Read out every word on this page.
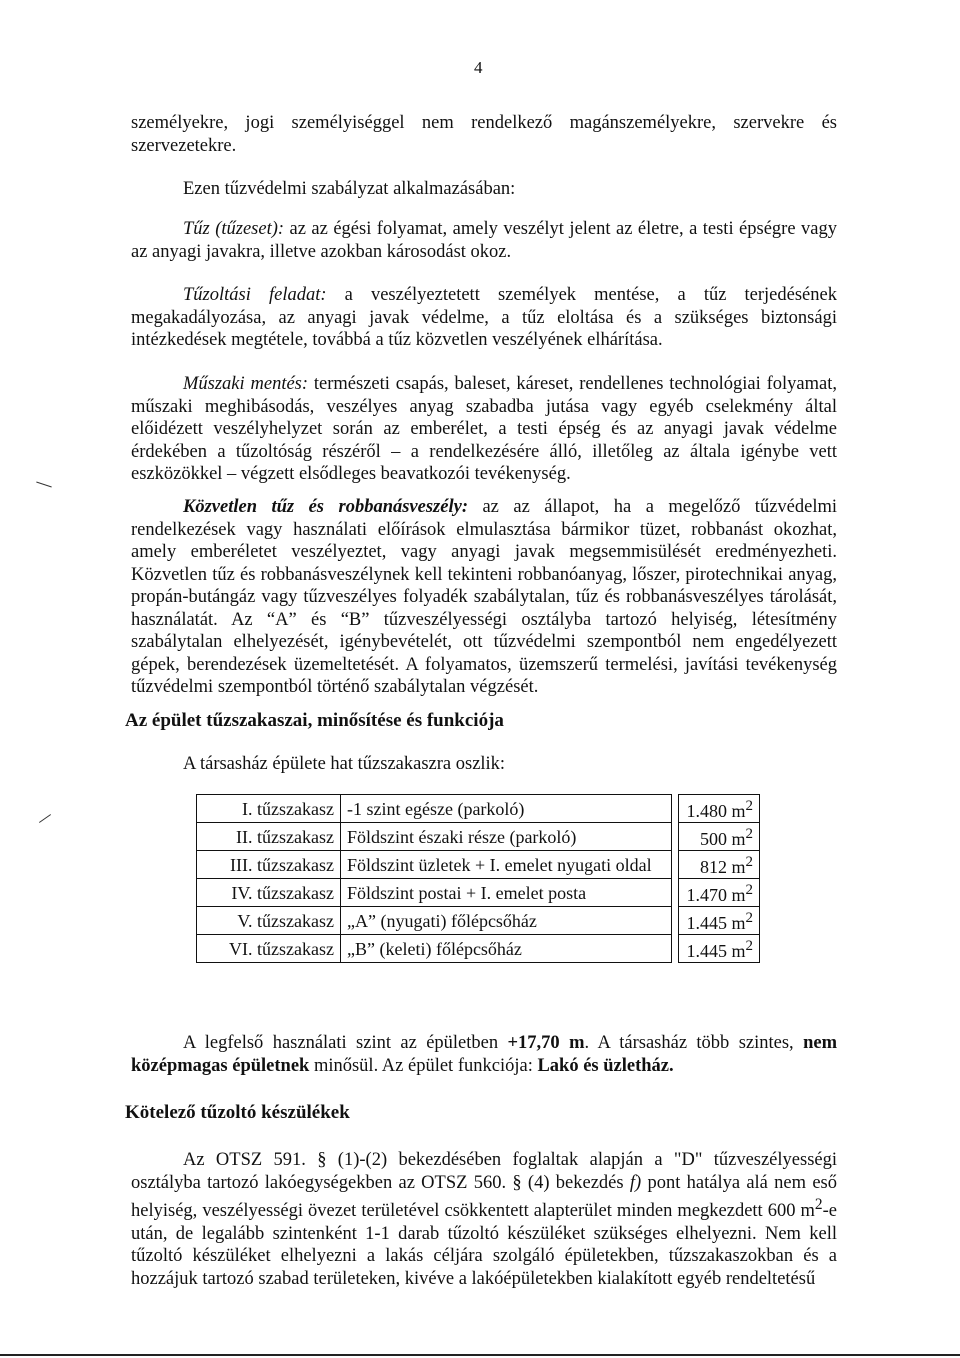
4
személyekre, jogi személyiséggel nem rendelkező magánszemélyekre, szervekre és szervezetekre.
Ezen tűzvédelmi szabályzat alkalmazásában:
Tűz (tűzeset): az az égési folyamat, amely veszélyt jelent az életre, a testi épségre vagy az anyagi javakra, illetve azokban károsodást okoz.
Tűzoltási feladat: a veszélyeztetett személyek mentése, a tűz terjedésének megakadályozása, az anyagi javak védelme, a tűz eloltása és a szükséges biztonsági intézkedések megtétele, továbbá a tűz közvetlen veszélyének elhárítása.
Műszaki mentés: természeti csapás, baleset, káreset, rendellenes technológiai folyamat, műszaki meghibásodás, veszélyes anyag szabadba jutása vagy egyéb cselekmény által előidézett veszélyhelyzet során az emberélet, a testi épség és az anyagi javak védelme érdekében a tűzoltóság részéről – a rendelkezésére álló, illetőleg az általa igénybe vett eszközökkel – végzett elsődleges beavatkozói tevékenység.
Közvetlen tűz és robbanásveszély: az az állapot, ha a megelőző tűzvédelmi rendelkezések vagy használati előírások elmulasztása bármikor tüzet, robbanást okozhat, amely emberéletet veszélyeztet, vagy anyagi javak megsemmisülését eredményezheti. Közvetlen tűz és robbanásveszélynek kell tekinteni robbanóanyag, lőszer, pirotechnikai anyag, propán-butángáz vagy tűzveszélyes folyadék szabálytalan, tűz és robbanásveszélyes tárolását, használatát. Az “A” és “B” tűzveszélyességi osztályba tartozó helyiség, létesítmény szabálytalan elhelyezését, igénybevételét, ott tűzvédelmi szempontból nem engedélyezett gépek, berendezések üzemeltetését. A folyamatos, üzemszerű termelési, javítási tevékenység tűzvédelmi szempontból történő szabálytalan végzését.
Az épület tűzszakaszai, minősítése és funkciója
A társasház épülete hat tűzszakaszra oszlik:
I. tűzszakasz	-1 szint egésze (parkoló)		1.480 $m^2$
II. tűzszakasz	Földszint északi része (parkoló)		500 $m^2$
III. tűzszakasz	Földszint üzletek + I. emelet nyugati oldal		812 $m^2$
IV. tűzszakasz	Földszint postai + I. emelet posta		1.470 $m^2$
V. tűzszakasz	„A” (nyugati) főlépcsőház		1.445 $m^2$
VI. tűzszakasz	„B” (keleti) főlépcsőház		1.445 $m^2$
A legfelső használati szint az épületben +17,70 m. A társasház több szintes, nem középmagas épületnek minősül. Az épület funkciója: Lakó és üzletház.
Kötelező tűzoltó készülékek
Az OTSZ 591. § (1)-(2) bekezdésében foglaltak alapján a "D" tűzveszélyességi osztályba tartozó lakóegységekben az OTSZ 560. § (4) bekezdés f) pont hatálya alá nem eső helyiség, veszélyességi övezet területével csökkentett alapterület minden megkezdett 600 $m^2-e$ után, de legalább szintenként 1-1 darab tűzoltó készüléket szükséges elhelyezni. Nem kell tűzoltó készüléket elhelyezni a lakás céljára szolgáló épületekben, tűzszakaszokban és a hozzájuk tartozó szabad területeken, kivéve a lakóépületekben kialakított egyéb rendeltetésű
